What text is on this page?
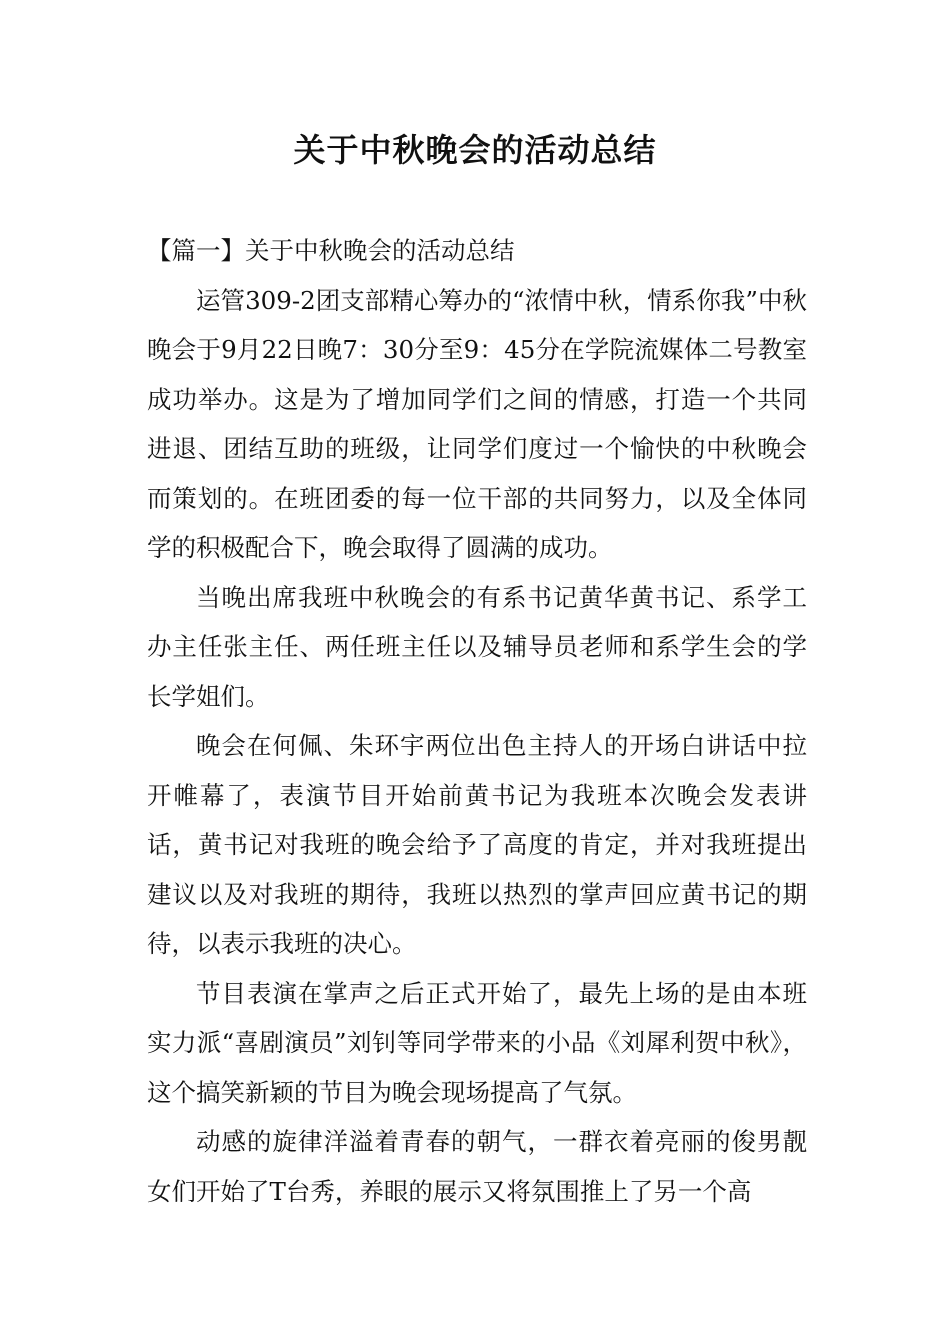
关于中秋晚会的活动总结

【篇一】关于中秋晚会的活动总结

运管309-2团支部精心筹办的“浓情中秋，情系你我”中秋晚会于9月22日晚7：30分至9：45分在学院流媒体二号教室成功举办。这是为了增加同学们之间的情感，打造一个共同进退、团结互助的班级，让同学们度过一个愉快的中秋晚会而策划的。在班团委的每一位干部的共同努力，以及全体同学的积极配合下，晚会取得了圆满的成功。

当晚出席我班中秋晚会的有系书记黄华黄书记、系学工办主任张主任、两任班主任以及辅导员老师和系学生会的学长学姐们。

晚会在何佩、朱环宇两位出色主持人的开场白讲话中拉开帷幕了，表演节目开始前黄书记为我班本次晚会发表讲话，黄书记对我班的晚会给予了高度的肯定，并对我班提出建议以及对我班的期待，我班以热烈的掌声回应黄书记的期待，以表示我班的决心。

节目表演在掌声之后正式开始了，最先上场的是由本班实力派“喜剧演员”刘钊等同学带来的小品《刘犀利贺中秋》，这个搞笑新颖的节目为晚会现场提高了气氛。

动感的旋律洋溢着青春的朝气，一群衣着亮丽的俊男靓女们开始了T台秀，养眼的展示又将氛围推上了另一个高
